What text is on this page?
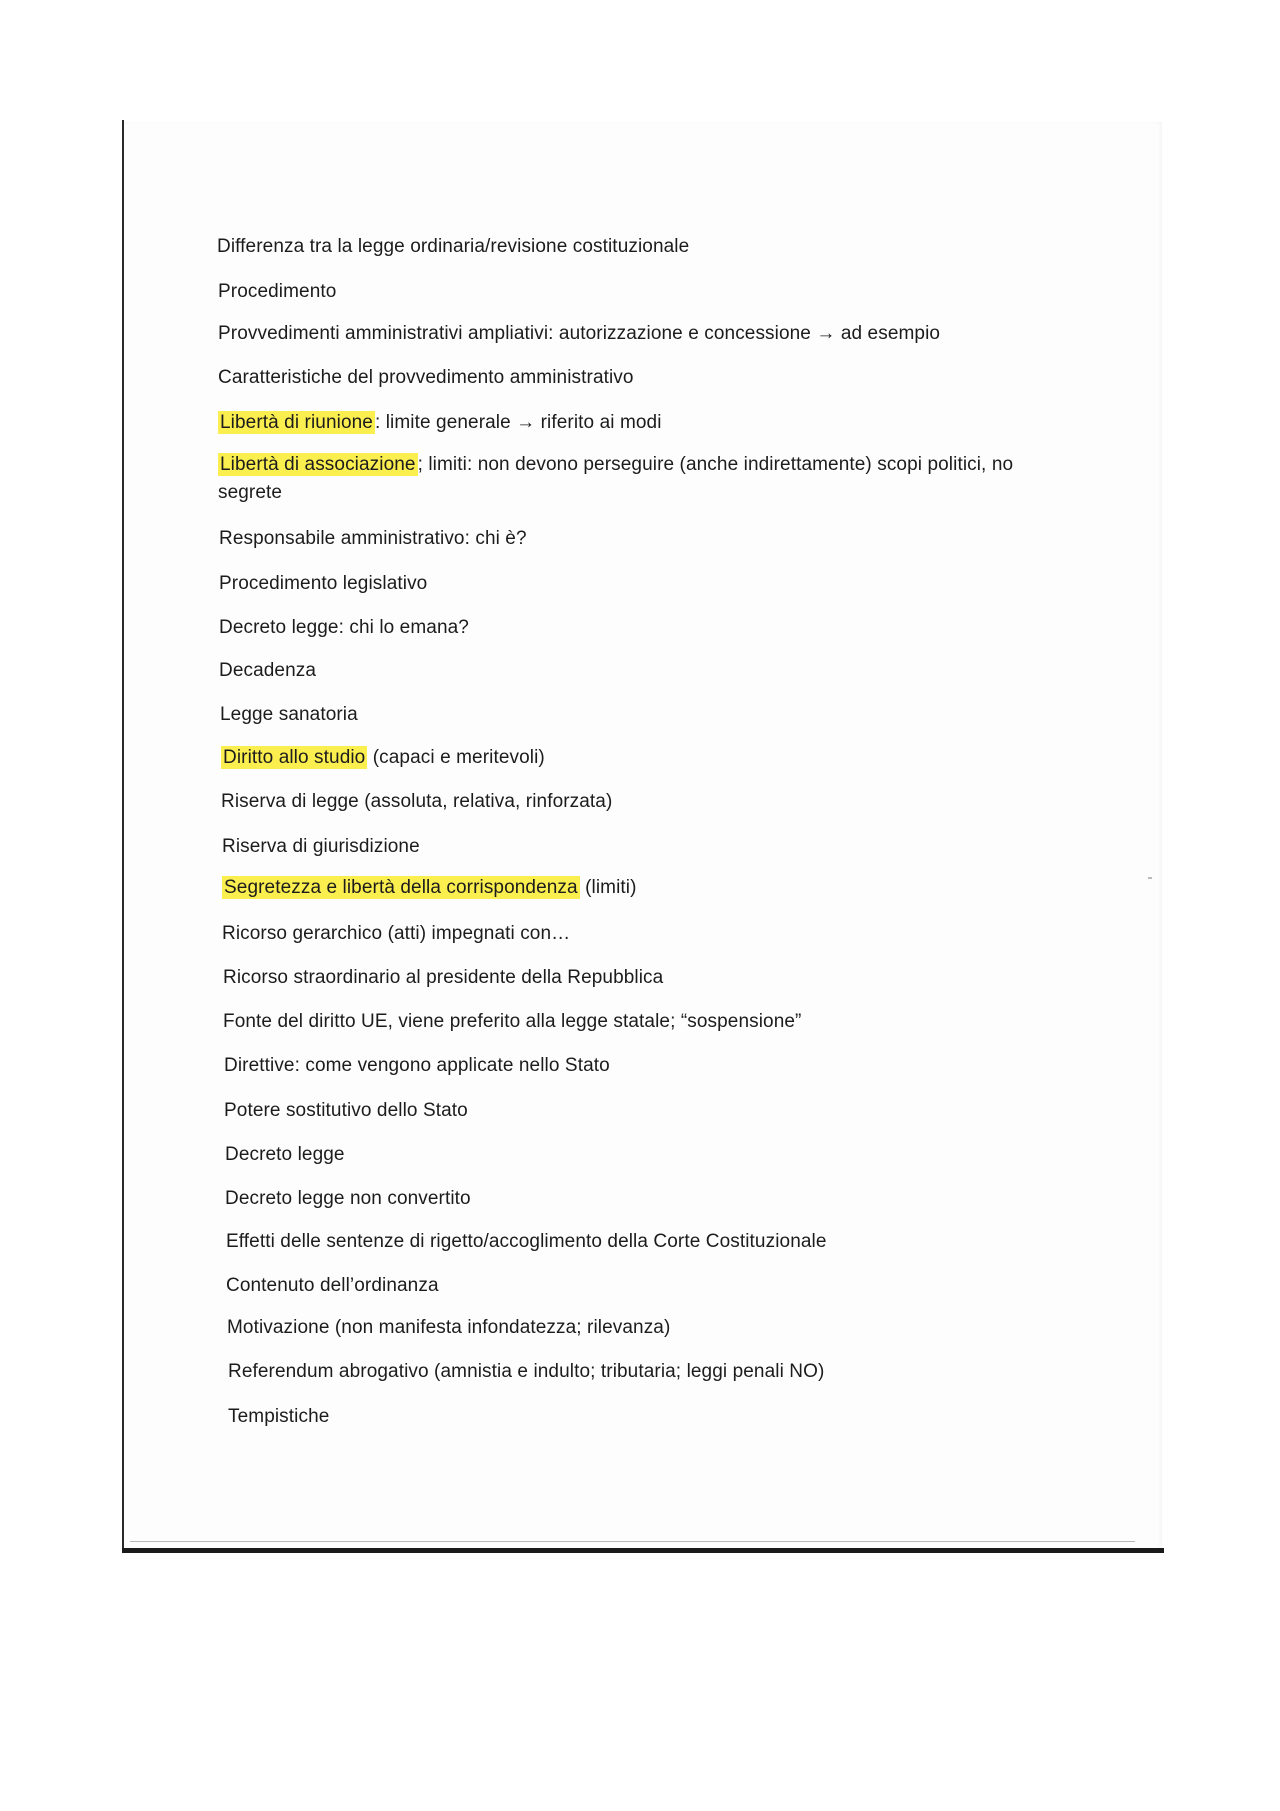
Differenza tra la legge ordinaria/revisione costituzionale
Procedimento
Provvedimenti amministrativi ampliativi: autorizzazione e concessione → ad esempio
Caratteristiche del provvedimento amministrativo
Libertà di riunione : limite generale → riferito ai modi
Libertà di associazione ; limiti: non devono perseguire (anche indirettamente) scopi politici, no segrete
Responsabile amministrativo: chi è?
Procedimento legislativo
Decreto legge: chi lo emana?
Decadenza
Legge sanatoria
Diritto allo studio (capaci e meritevoli)
Riserva di legge (assoluta, relativa, rinforzata)
Riserva di giurisdizione
Segretezza e libertà della corrispondenza (limiti)
Ricorso gerarchico (atti) impegnati con…
Ricorso straordinario al presidente della Repubblica
Fonte del diritto UE, viene preferito alla legge statale; “sospensione”
Direttive: come vengono applicate nello Stato
Potere sostitutivo dello Stato
Decreto legge
Decreto legge non convertito
Effetti delle sentenze di rigetto/accoglimento della Corte Costituzionale
Contenuto dell’ordinanza
Motivazione (non manifesta infondatezza; rilevanza)
Referendum abrogativo (amnistia e indulto; tributaria; leggi penali NO)
Tempistiche
